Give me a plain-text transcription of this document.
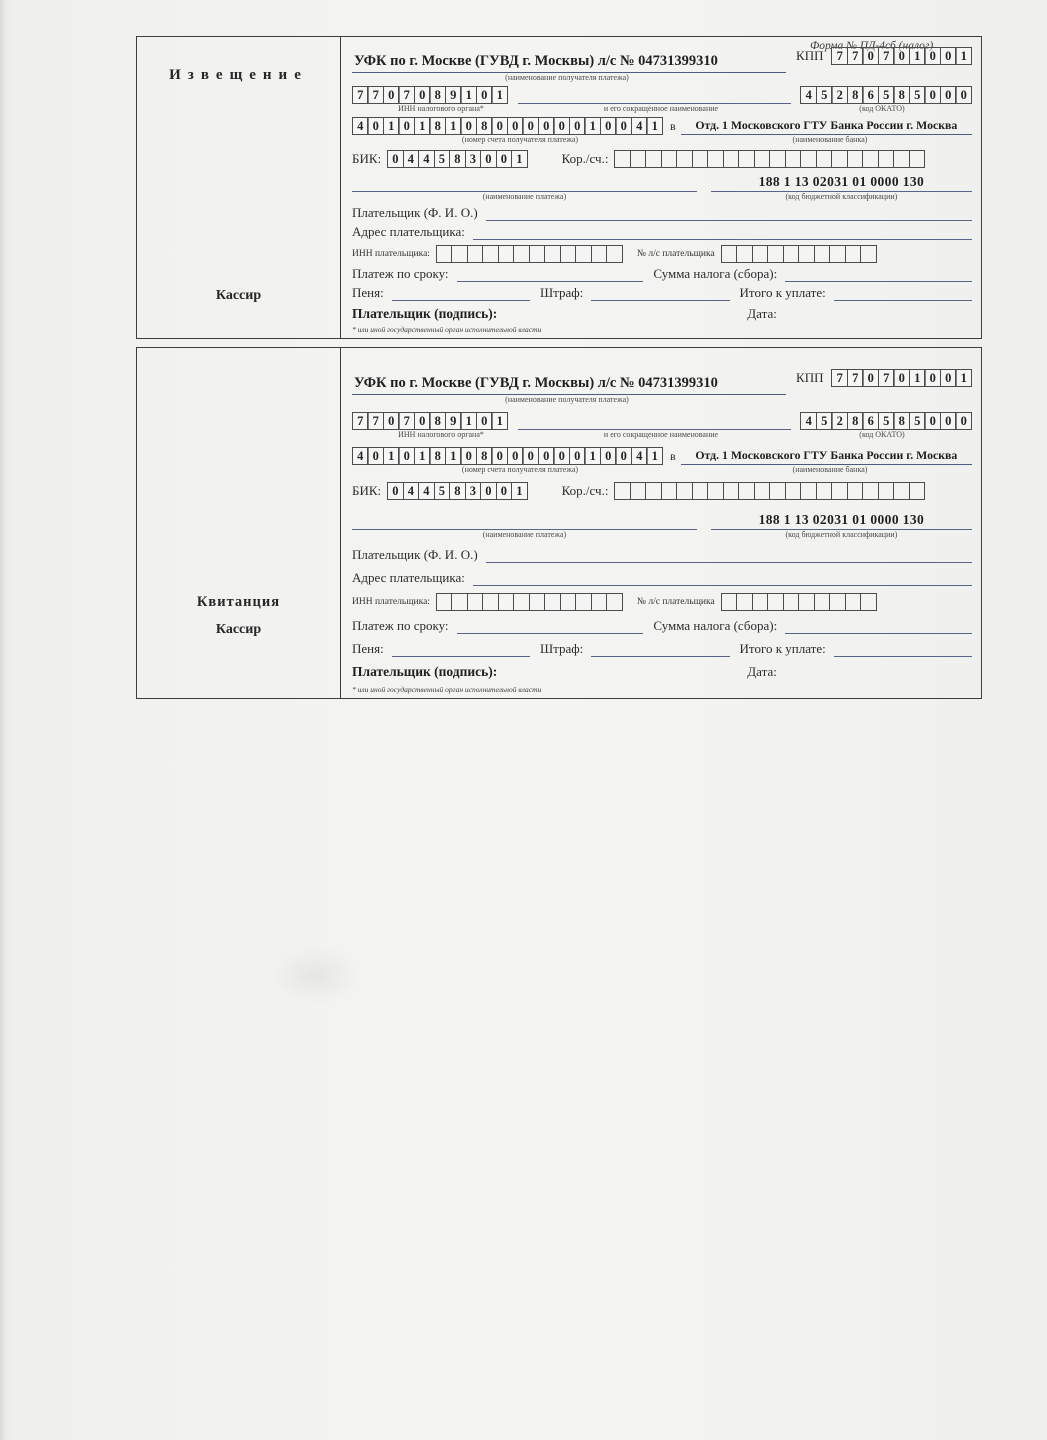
Форма № ПД-4сб (налог)
Извещение
Кассир
УФК по г. Москве (ГУВД г. Москвы) л/с № 04731399310	КПП	7 7 0 7 0 1 0 0 1
(наименование получателя платежа)
7 7 0 7 0 8 9 1 0 1	4 5 2 8 6 5 8 5 0 0 0
ИНН налогового органа*	и его сокращенное наименование	(код ОКАТО)
4 0 1 0 1 8 1 0 8 0 0 0 0 0 0 1 0 0 4 1	в	Отд. 1 Московского ГТУ Банка России г. Москва
(номер счета получателя платежа)	(наименование банка)
БИК: 0 4 4 5 8 3 0 0 1	Кор./сч.:
188 1 13 02031 01 0000 130
(наименование платежа)	(код бюджетной классификации)
Плательщик (Ф. И. О.)
Адрес плательщика:
ИНН плательщика:	№ л/с плательщика
Платеж по сроку:	Сумма налога (сбора):
Пеня:	Штраф:	Итого к уплате:
Плательщик (подпись):	Дата:
* или иной государственный орган исполнительной власти
Квитанция
Кассир
УФК по г. Москве (ГУВД г. Москвы) л/с № 04731399310	КПП	7 7 0 7 0 1 0 0 1
(наименование получателя платежа)
7 7 0 7 0 8 9 1 0 1	4 5 2 8 6 5 8 5 0 0 0
ИНН налогового органа*	и его сокращенное наименование	(код ОКАТО)
4 0 1 0 1 8 1 0 8 0 0 0 0 0 0 1 0 0 4 1	в	Отд. 1 Московского ГТУ Банка России г. Москва
(номер счета получателя платежа)	(наименование банка)
БИК: 0 4 4 5 8 3 0 0 1	Кор./сч.:
188 1 13 02031 01 0000 130
(наименование платежа)	(код бюджетной классификации)
Плательщик (Ф. И. О.)
Адрес плательщика:
ИНН плательщика:	№ л/с плательщика
Платеж по сроку:	Сумма налога (сбора):
Пеня:	Штраф:	Итого к уплате:
Плательщик (подпись):	Дата:
* или иной государственный орган исполнительной власти
